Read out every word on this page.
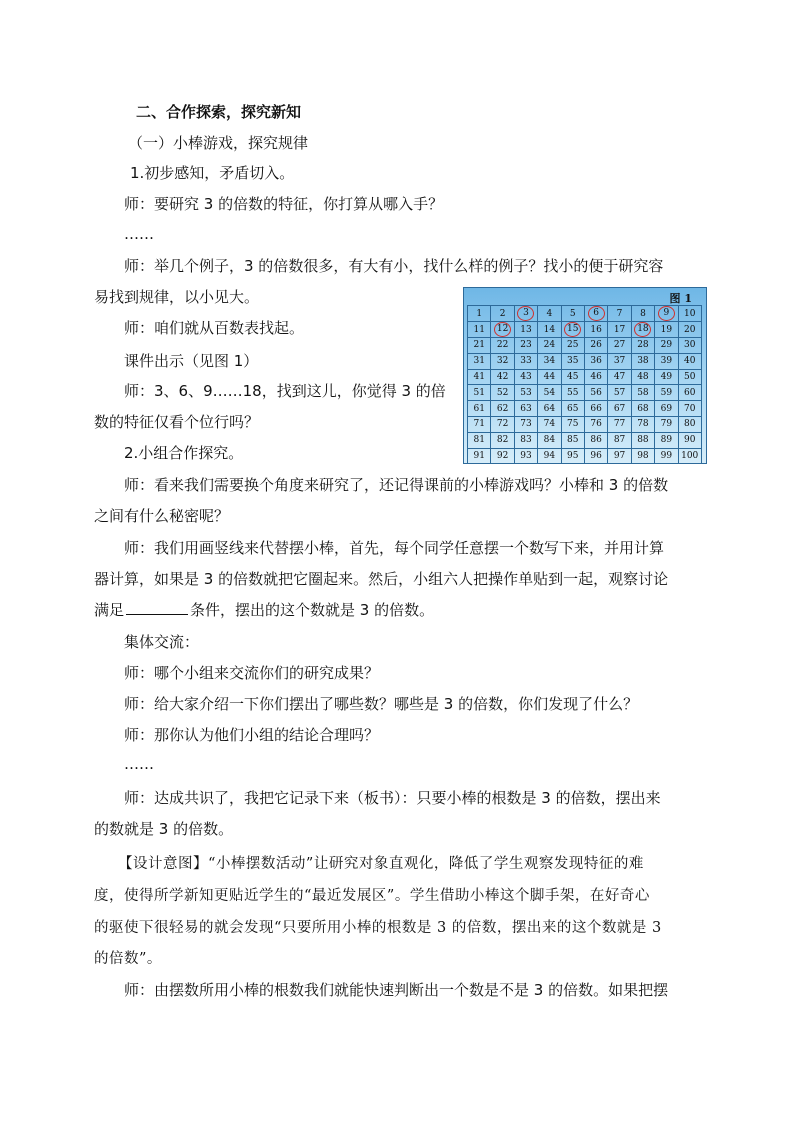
二、合作探索，探究新知
（一）小棒游戏，探究规律
1.初步感知，矛盾切入。
师：要研究 3 的倍数的特征，你打算从哪入手？
……
师：举几个例子，3 的倍数很多，有大有小，找什么样的例子？找小的便于研究容
易找到规律，以小见大。
师：咱们就从百数表找起。
课件出示（见图 1）
师：3、6、9……18，找到这儿，你觉得 3 的倍
数的特征仅看个位行吗？
2.小组合作探究。
师：看来我们需要换个角度来研究了，还记得课前的小棒游戏吗？小棒和 3 的倍数
之间有什么秘密呢？
师：我们用画竖线来代替摆小棒，首先，每个同学任意摆一个数写下来，并用计算
器计算，如果是 3 的倍数就把它圈起来。然后，小组六人把操作单贴到一起，观察讨论
满足	条件，摆出的这个数就是 3 的倍数。
集体交流：
师：哪个小组来交流你们的研究成果？
师：给大家介绍一下你们摆出了哪些数？哪些是 3 的倍数，你们发现了什么？
师：那你认为他们小组的结论合理吗？
……
师：达成共识了，我把它记录下来（板书）：只要小棒的根数是 3 的倍数，摆出来
的数就是 3 的倍数。
【设计意图】“小棒摆数活动”让研究对象直观化，降低了学生观察发现特征的难
度，使得所学新知更贴近学生的“最近发展区”。学生借助小棒这个脚手架，在好奇心
的驱使下很轻易的就会发现“只要所用小棒的根数是 3 的倍数，摆出来的这个数就是 3
的倍数”。
师：由摆数所用小棒的根数我们就能快速判断出一个数是不是 3 的倍数。如果把摆
图 1
1	2	3	4	5	6	7	8	9	10
11	12	13	14	15	16	17	18	19	20
21	22	23	24	25	26	27	28	29	30
31	32	33	34	35	36	37	38	39	40
41	42	43	44	45	46	47	48	49	50
51	52	53	54	55	56	57	58	59	60
61	62	63	64	65	66	67	68	69	70
71	72	73	74	75	76	77	78	79	80
81	82	83	84	85	86	87	88	89	90
91	92	93	94	95	96	97	98	99	100
